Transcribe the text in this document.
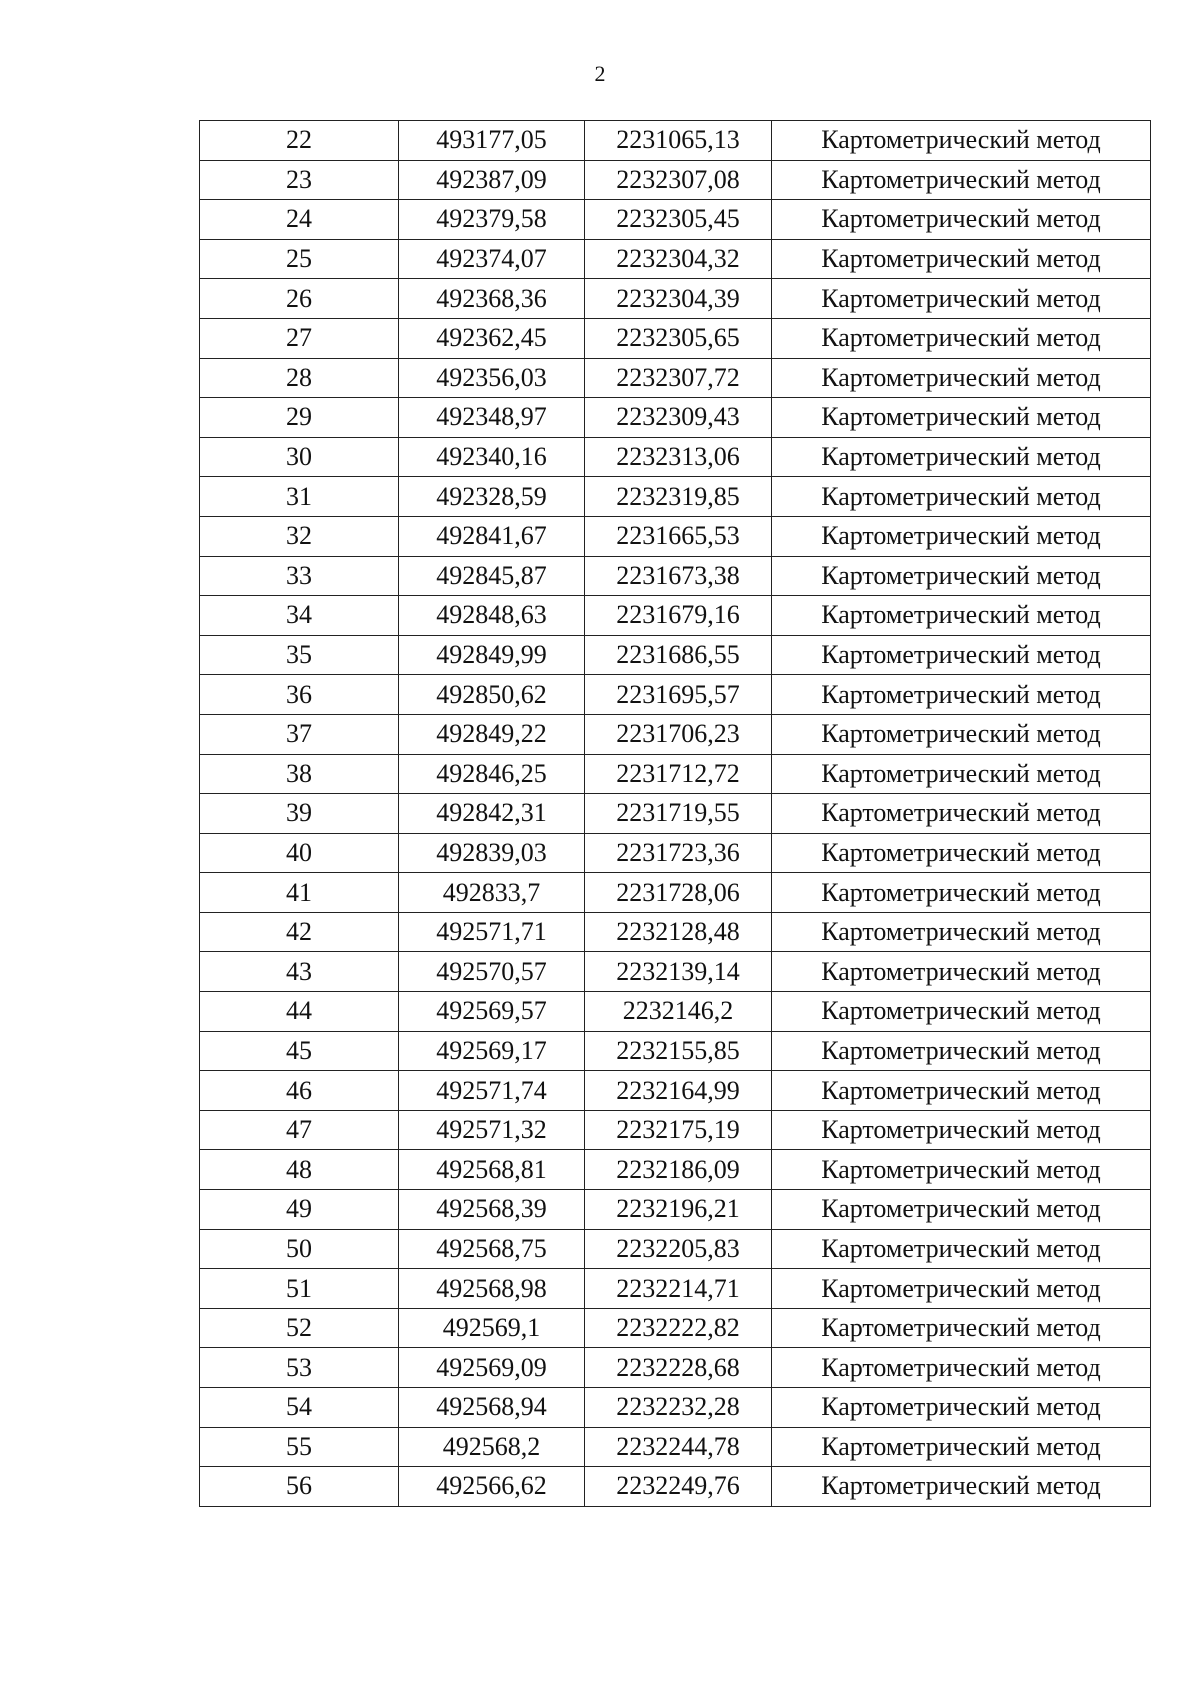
2
22	493177,05	2231065,13	Картометрический метод
23	492387,09	2232307,08	Картометрический метод
24	492379,58	2232305,45	Картометрический метод
25	492374,07	2232304,32	Картометрический метод
26	492368,36	2232304,39	Картометрический метод
27	492362,45	2232305,65	Картометрический метод
28	492356,03	2232307,72	Картометрический метод
29	492348,97	2232309,43	Картометрический метод
30	492340,16	2232313,06	Картометрический метод
31	492328,59	2232319,85	Картометрический метод
32	492841,67	2231665,53	Картометрический метод
33	492845,87	2231673,38	Картометрический метод
34	492848,63	2231679,16	Картометрический метод
35	492849,99	2231686,55	Картометрический метод
36	492850,62	2231695,57	Картометрический метод
37	492849,22	2231706,23	Картометрический метод
38	492846,25	2231712,72	Картометрический метод
39	492842,31	2231719,55	Картометрический метод
40	492839,03	2231723,36	Картометрический метод
41	492833,7	2231728,06	Картометрический метод
42	492571,71	2232128,48	Картометрический метод
43	492570,57	2232139,14	Картометрический метод
44	492569,57	2232146,2	Картометрический метод
45	492569,17	2232155,85	Картометрический метод
46	492571,74	2232164,99	Картометрический метод
47	492571,32	2232175,19	Картометрический метод
48	492568,81	2232186,09	Картометрический метод
49	492568,39	2232196,21	Картометрический метод
50	492568,75	2232205,83	Картометрический метод
51	492568,98	2232214,71	Картометрический метод
52	492569,1	2232222,82	Картометрический метод
53	492569,09	2232228,68	Картометрический метод
54	492568,94	2232232,28	Картометрический метод
55	492568,2	2232244,78	Картометрический метод
56	492566,62	2232249,76	Картометрический метод
